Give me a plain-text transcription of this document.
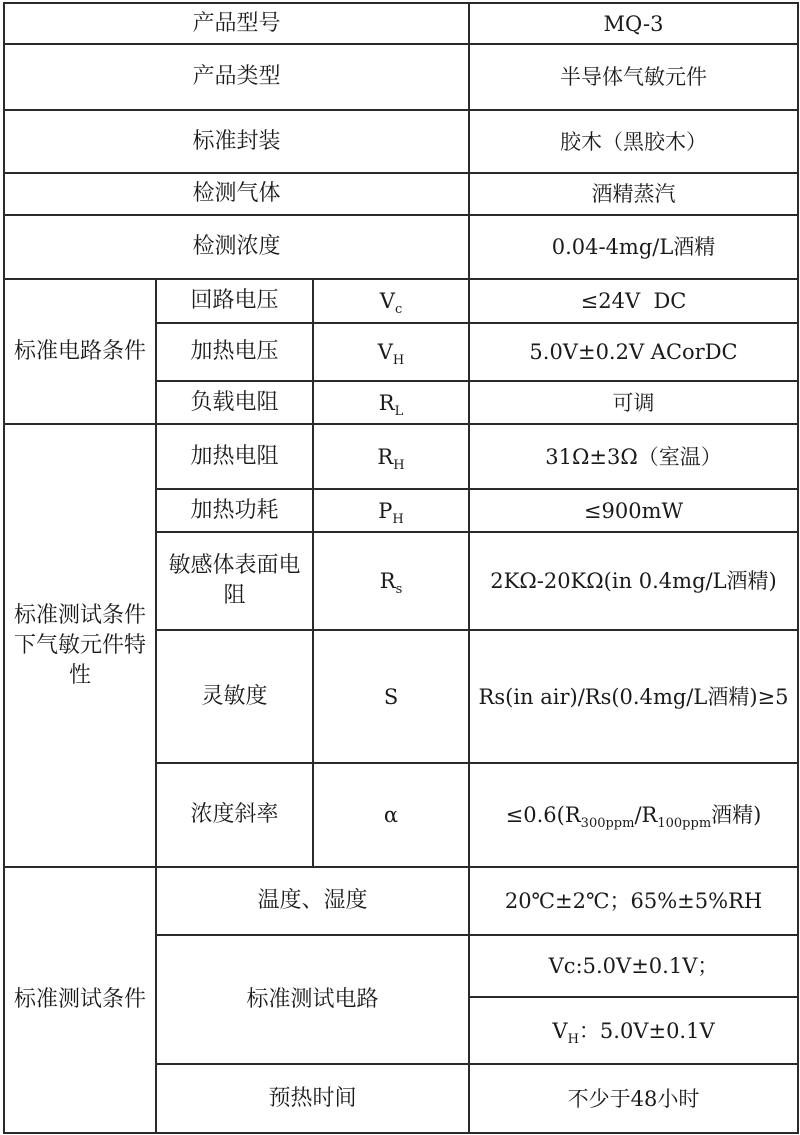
产品型号			MQ-3
产品类型			半导体气敏元件
标准封装			胶木（黑胶木）
检测气体			酒精蒸汽
检测浓度			0.04-4mg/L酒精
标准电路条件	回路电压	$V_c$	≤24V  DC
	加热电压	$V_H$	5.0V±0.2V ACorDC
	负载电阻	$R_L$	可调
标准测试条件下气敏元件特性	加热电阻	$R_H$	31Ω±3Ω（室温）
	加热功耗	$P_H$	≤900mW
	敏感体表面电阻	$R_s$	2KΩ-20KΩ(in 0.4mg/L酒精)
	灵敏度	S	Rs(in air)/Rs(0.4mg/L酒精)≥5
	浓度斜率	α	$\le 0.6(R_{300ppm}/R_{100ppm}$酒精)
标准测试条件	温度、湿度		20℃±2℃；65%±5%RH
	标准测试电路		Vc:5.0V±0.1V；
			$V_H$：5.0V±0.1V
	预热时间		不少于48小时
